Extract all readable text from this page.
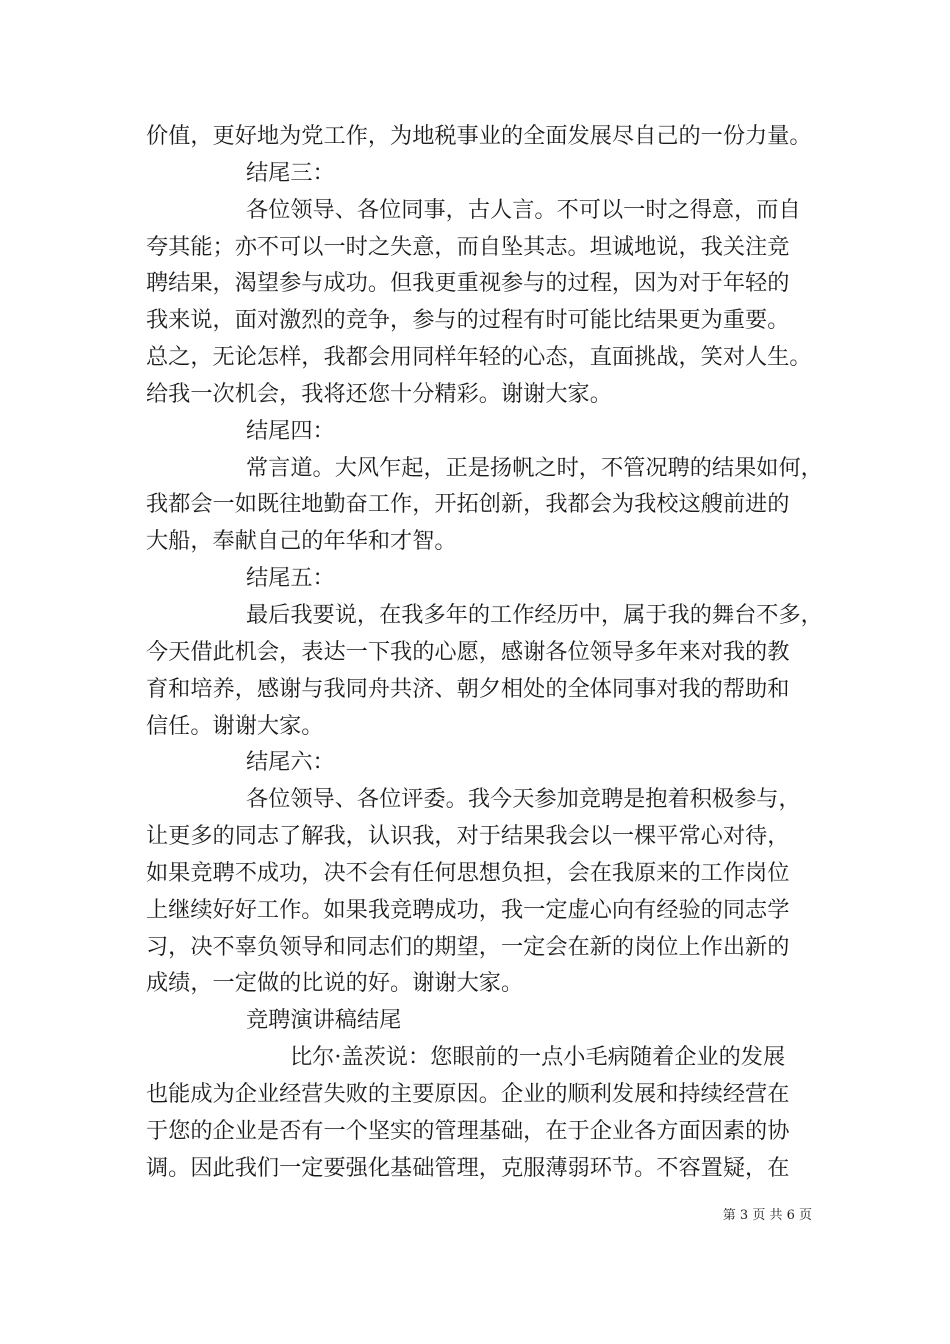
价值，更好地为党工作，为地税事业的全面发展尽自己的一份力量。
结尾三：
各位领导、各位同事，古人言。不可以一时之得意，而自
夸其能；亦不可以一时之失意，而自坠其志。坦诚地说，我关注竞
聘结果，渴望参与成功。但我更重视参与的过程，因为对于年轻的
我来说，面对激烈的竞争，参与的过程有时可能比结果更为重要。
总之，无论怎样，我都会用同样年轻的心态，直面挑战，笑对人生。
给我一次机会，我将还您十分精彩。谢谢大家。
结尾四：
常言道。大风乍起，正是扬帆之时，不管况聘的结果如何，
我都会一如既往地勤奋工作，开拓创新，我都会为我校这艘前进的
大船，奉献自己的年华和才智。
结尾五：
最后我要说，在我多年的工作经历中，属于我的舞台不多，
今天借此机会，表达一下我的心愿，感谢各位领导多年来对我的教
育和培养，感谢与我同舟共济、朝夕相处的全体同事对我的帮助和
信任。谢谢大家。
结尾六：
各位领导、各位评委。我今天参加竞聘是抱着积极参与，
让更多的同志了解我，认识我，对于结果我会以一棵平常心对待，
如果竞聘不成功，决不会有任何思想负担，会在我原来的工作岗位
上继续好好工作。如果我竞聘成功，我一定虚心向有经验的同志学
习，决不辜负领导和同志们的期望，一定会在新的岗位上作出新的
成绩，一定做的比说的好。谢谢大家。
竞聘演讲稿结尾
比尔·盖茨说：您眼前的一点小毛病随着企业的发展
也能成为企业经营失败的主要原因。企业的顺利发展和持续经营在
于您的企业是否有一个坚实的管理基础，在于企业各方面因素的协
调。因此我们一定要强化基础管理，克服薄弱环节。不容置疑，在
第 3 页 共 6 页
